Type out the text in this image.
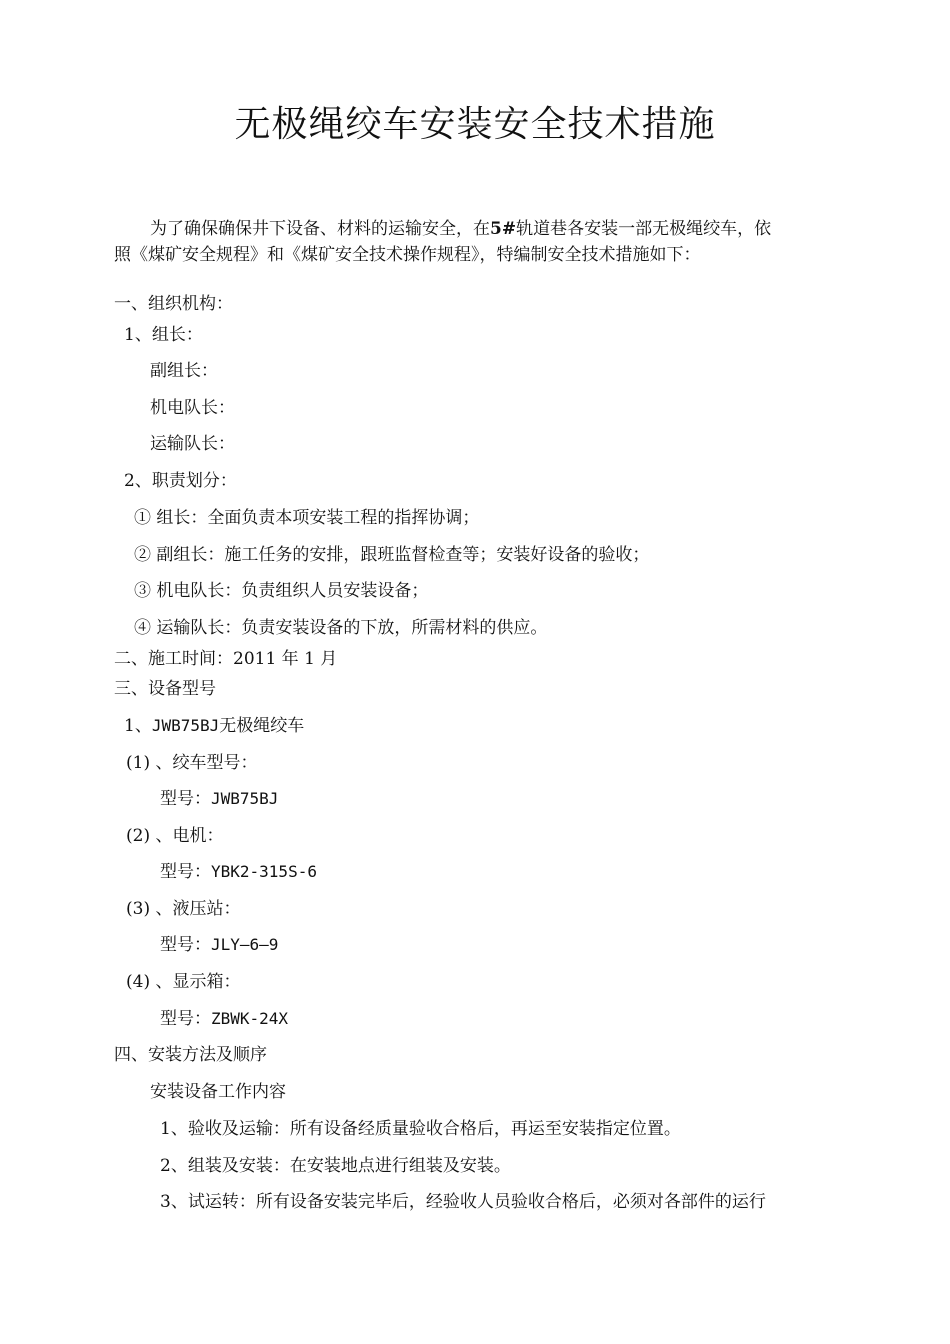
无极绳绞车安装安全技术措施
为了确保确保井下设备、材料的运输安全，在5#轨道巷各安装一部无极绳绞车，依
照《煤矿安全规程》和《煤矿安全技术操作规程》，特编制安全技术措施如下：
一、组织机构：
1、组长：
副组长：
机电队长：
运输队长：
2、职责划分：
① 组长：全面负责本项安装工程的指挥协调；
② 副组长：施工任务的安排，跟班监督检查等；安装好设备的验收；
③ 机电队长：负责组织人员安装设备；
④ 运输队长：负责安装设备的下放，所需材料的供应。
二、施工时间：2011 年 1 月
三、设备型号
1、JWB75BJ无极绳绞车
(1) 、绞车型号：
型号：JWB75BJ
(2) 、电机：
型号：YBK2-315S-6
(3) 、液压站：
型号：JLY—6—9
(4) 、显示箱：
型号：ZBWK-24X
四、安装方法及顺序
安装设备工作内容
1、验收及运输：所有设备经质量验收合格后，再运至安装指定位置。
2、组装及安装：在安装地点进行组装及安装。
3、试运转：所有设备安装完毕后，经验收人员验收合格后，必须对各部件的运行
